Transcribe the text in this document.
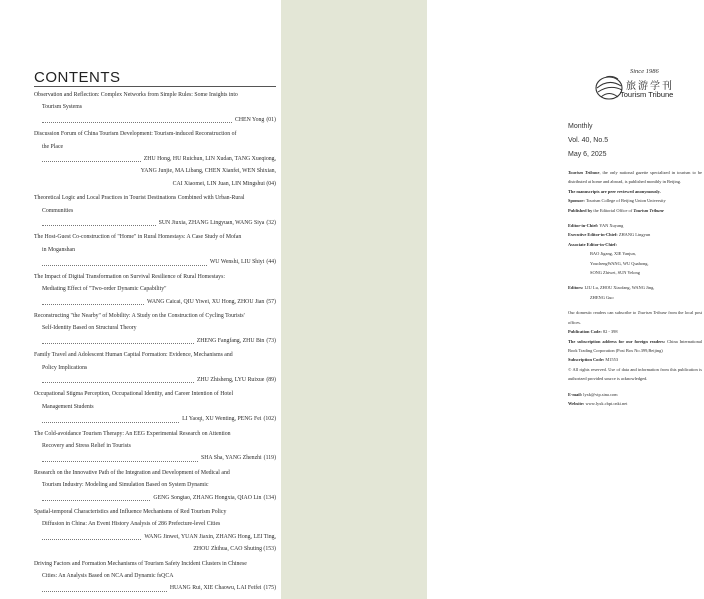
CONTENTS
Observation and Reflection: Complex Networks from Simple Rules: Some Insights into
Tourism Systems
CHEN Yong (01)
Discussion Forum of China Tourism Development: Tourism-induced Reconstruction of
the Place
ZHU Hong, HU Ruichun, LIN Xudan, TANG Xueqiong,
YANG Junjie, MA Libang, CHEN Xianfei, WEN Shixian,
CAI Xiaomei, LIN Juan, LIN Mingshui (04)
Theoretical Logic and Local Practices in Tourist Destinations Combined with Urban-Rural
Communities
SUN Jiuxia, ZHANG Lingyuan, WANG Siya (32)
The Host-Guest Co-construction of "Home" in Rural Homestays: A Case Study of Mofan
in Moganshan
WU Wenshi, LIU Shiyi (44)
The Impact of Digital Transformation on Survival Resilience of Rural Homestays:
Mediating Effect of "Two-order Dynamic Capability"
WANG Caicai, QIU Yiwei, XU Hong, ZHOU Jian (57)
Reconstructing "the Nearby" of Mobility: A Study on the Construction of Cycling Tourists'
Self-Identity Based on Structural Theory
ZHENG Fangfang, ZHU Bin (73)
Family Travel and Adolescent Human Capital Formation: Evidence, Mechanisms and
Policy Implications
ZHU Zhisheng, LYU Ruixue (89)
Occupational Stigma Perception, Occupational Identity, and Career Intention of Hotel
Management Students
LI Yaoqi, XU Wenting, PENG Fei (102)
The Cold-avoidance Tourism Therapy: An EEG Experimental Research on Attention
Recovery and Stress Relief in Tourists
SHA Sha, YANG Zhenzhi (119)
Research on the Innovative Path of the Integration and Development of Medical and
Tourism Industry: Modeling and Simulation Based on System Dynamic
GENG Songtao, ZHANG Hongxia, QIAO Lin (134)
Spatial-temporal Characteristics and Influence Mechanisms of Red Tourism Policy
Diffusion in China: An Event History Analysis of 286 Prefecture-level Cities
WANG Jinwei, YUAN Jiaxin, ZHANG Hong, LEI Ting,
ZHOU Zhihua, CAO Shuting (153)
Driving Factors and Formation Mechanisms of Tourism Safety Incident Clusters in Chinese
Cities: An Analysis Based on NCA and Dynamic fsQCA
HUANG Rui, XIE Chaowu, LAI Feifei (175)
Since 1986
旅游学刊
Tourism Tribune
Monthly
Vol. 40, No.5
May 6, 2025

Tourism Tribune, the only national gazette specialized in tourism to be distributed at home and abroad, is published monthly in Beijing.

The manuscripts are peer reviewed anonymously.

Sponsor: Tourism College of Beijing Union University

Published by the Editorial Office of Tourism Tribune

Editor-in-Chief: YAN Xuyang

Executive Editor-in-Chief: ZHANG Lingyun

Associate Editor-in-Chief:

BAO Jigang, XIE Yanjun,

YouchengWANG, WU Quahong,

SONG Zhiwei, SUN Yelong

Editors: LIU Lu, ZHOU Xiaofang, WANG Jing,

ZHENG Guo

Our domestic readers can subscribe to Tourism Tribune from the local post offices.

Publication Code: 82 - 398

The subscription address for our foreign readers: China International Book Trading Corporation (Post Box No.399,Beijing)

Subscription Code: M1553

© All rights reserved. Use of data and information from this publication is authorized provided source is acknowledged.

E-mail: lyxk@vip.sina.com

Website: www.lyxk.cbpt.cnki.net
